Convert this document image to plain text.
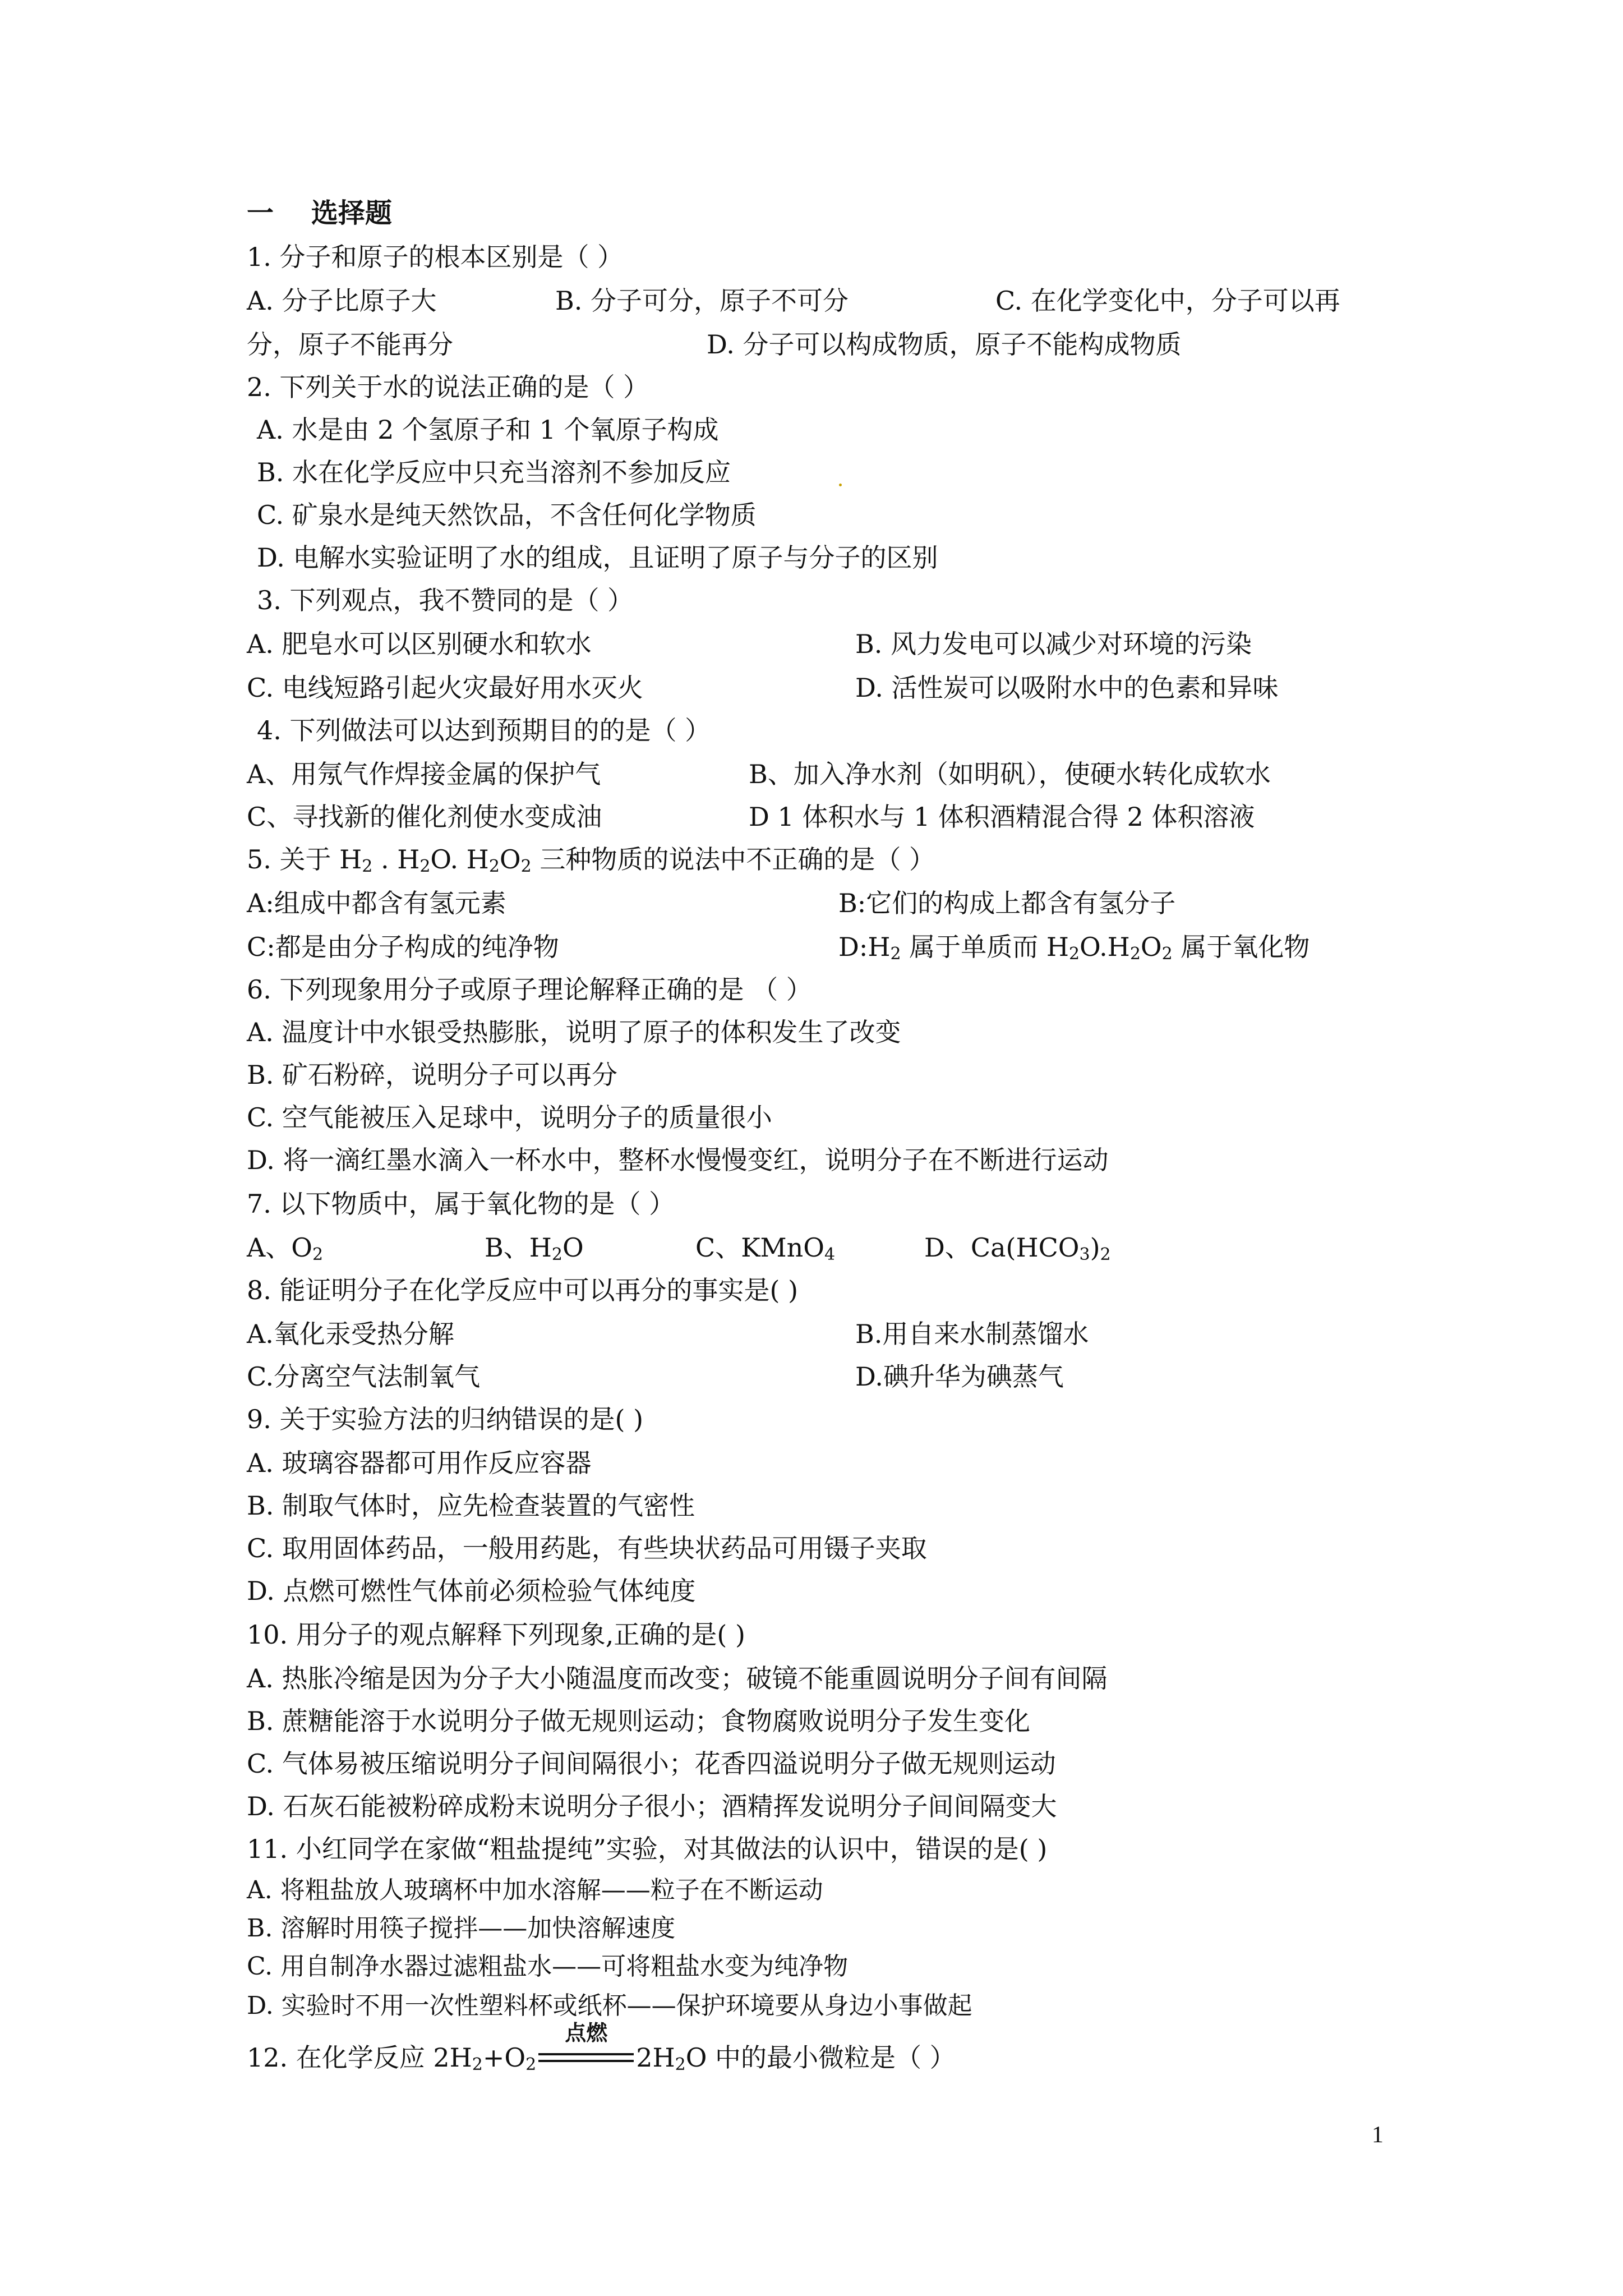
一 选择题
1. 分子和原子的根本区别是（ ）
A. 分子比原子大	B. 分子可分，原子不可分	C. 在化学变化中，分子可以再
分，原子不能再分	D. 分子可以构成物质，原子不能构成物质
2. 下列关于水的说法正确的是（ ）
A. 水是由 2 个氢原子和 1 个氧原子构成
B. 水在化学反应中只充当溶剂不参加反应
C. 矿泉水是纯天然饮品，不含任何化学物质
D. 电解水实验证明了水的组成，且证明了原子与分子的区别
3. 下列观点，我不赞同的是（ ）
A. 肥皂水可以区别硬水和软水	B. 风力发电可以减少对环境的污染
C. 电线短路引起火灾最好用水灭火	D. 活性炭可以吸附水中的色素和异味
4. 下列做法可以达到预期目的的是（ ）
A、用氖气作焊接金属的保护气	B、加入净水剂（如明矾），使硬水转化成软水
C、寻找新的催化剂使水变成油	D 1 体积水与 1 体积酒精混合得 2 体积溶液
5. 关于 $H_2$ . $H_2O$. $H_2O_2$ 三种物质的说法中不正确的是（ ）
A:组成中都含有氢元素	B:它们的构成上都含有氢分子
C:都是由分子构成的纯净物	$D:H_2$ 属于单质而 $H_2O.H_2O_2$ 属于氧化物
6. 下列现象用分子或原子理论解释正确的是 （ ）
A. 温度计中水银受热膨胀，说明了原子的体积发生了改变
B. 矿石粉碎，说明分子可以再分
C. 空气能被压入足球中，说明分子的质量很小
D. 将一滴红墨水滴入一杯水中，整杯水慢慢变红，说明分子在不断进行运动
7. 以下物质中，属于氧化物的是（ ）
A、$O_2$	B、$H_2O$	C、KMnO$_4$	D、$Ca(HCO_3)_2$
8. 能证明分子在化学反应中可以再分的事实是( )
A.氧化汞受热分解	B.用自来水制蒸馏水
C.分离空气法制氧气	D.碘升华为碘蒸气
9. 关于实验方法的归纳错误的是( )
A. 玻璃容器都可用作反应容器
B. 制取气体时，应先检查装置的气密性
C. 取用固体药品，一般用药匙，有些块状药品可用镊子夹取
D. 点燃可燃性气体前必须检验气体纯度
10. 用分子的观点解释下列现象,正确的是( )
A. 热胀冷缩是因为分子大小随温度而改变；破镜不能重圆说明分子间有间隔
B. 蔗糖能溶于水说明分子做无规则运动；食物腐败说明分子发生变化
C. 气体易被压缩说明分子间间隔很小；花香四溢说明分子做无规则运动
D. 石灰石能被粉碎成粉末说明分子很小；酒精挥发说明分子间间隔变大
11. 小红同学在家做“粗盐提纯”实验，对其做法的认识中，错误的是( )
A. 将粗盐放人玻璃杯中加水溶解——粒子在不断运动
B. 溶解时用筷子搅拌——加快溶解速度
C. 用自制净水器过滤粗盐水——可将粗盐水变为纯净物
D. 实验时不用一次性塑料杯或纸杯——保护环境要从身边小事做起
12. 在化学反应 $2H_2+O_2$
点燃
$2H_2O$ 中的最小微粒是（ ）
1
